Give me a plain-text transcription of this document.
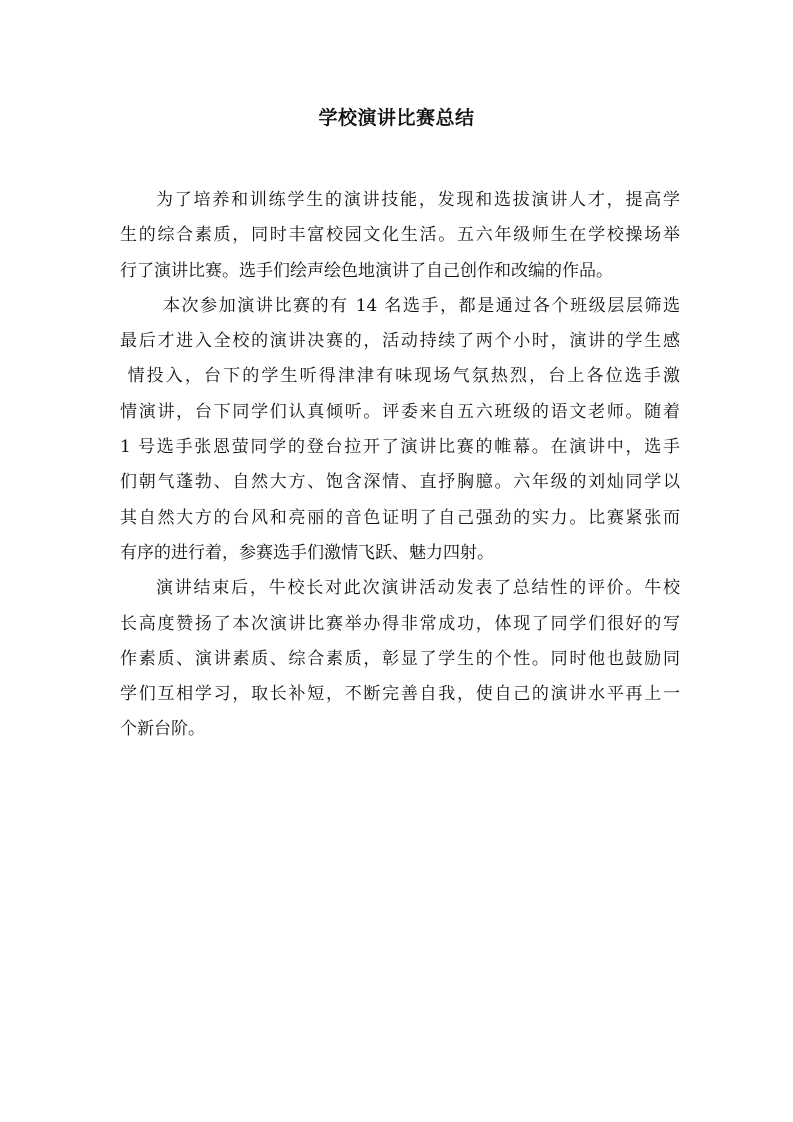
学校演讲比赛总结
为了培养和训练学生的演讲技能，发现和选拔演讲人才，提高学
生的综合素质，同时丰富校园文化生活。五六年级师生在学校操场举
行了演讲比赛。选手们绘声绘色地演讲了自己创作和改编的作品。
本次参加演讲比赛的有 14 名选手，都是通过各个班级层层筛选
最后才进入全校的演讲决赛的，活动持续了两个小时，演讲的学生感
情投入，台下的学生听得津津有味现场气氛热烈，台上各位选手激
情演讲，台下同学们认真倾听。评委来自五六班级的语文老师。随着
1 号选手张恩萤同学的登台拉开了演讲比赛的帷幕。在演讲中，选手
们朝气蓬勃、自然大方、饱含深情、直抒胸臆。六年级的刘灿同学以
其自然大方的台风和亮丽的音色证明了自己强劲的实力。比赛紧张而
有序的进行着，参赛选手们激情飞跃、魅力四射。
演讲结束后，牛校长对此次演讲活动发表了总结性的评价。牛校
长高度赞扬了本次演讲比赛举办得非常成功，体现了同学们很好的写
作素质、演讲素质、综合素质，彰显了学生的个性。同时他也鼓励同
学们互相学习，取长补短，不断完善自我，使自己的演讲水平再上一
个新台阶。
